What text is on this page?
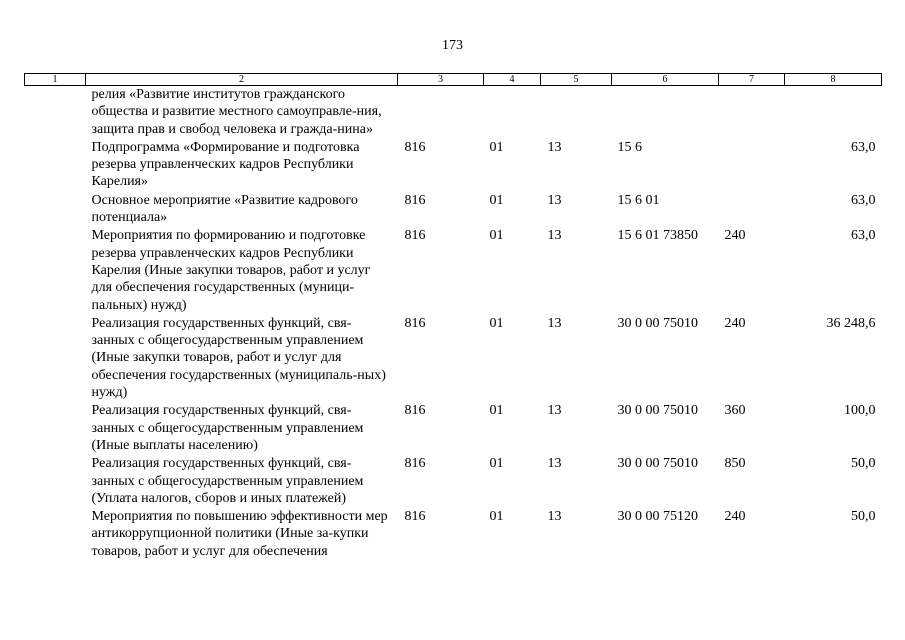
173
1	2	3	4	5	6	7	8
	релия «Развитие институтов гражданского общества и развитие местного самоуправле-ния, защита прав и свобод человека и гражда-нина»						
	Подпрограмма «Формирование и подготовка резерва управленческих кадров Республики Карелия»	816	01	13	15 6		63,0
	Основное мероприятие «Развитие кадрового потенциала»	816	01	13	15 6 01		63,0
	Мероприятия по формированию и подготовке резерва управленческих кадров Республики Карелия (Иные закупки товаров, работ и услуг для обеспечения государственных (муници-пальных) нужд)	816	01	13	15 6 01 73850	240	63,0
	Реализация государственных функций, свя-занных с общегосударственным управлением (Иные закупки товаров, работ и услуг для обеспечения государственных (муниципаль-ных) нужд)	816	01	13	30 0 00 75010	240	36 248,6
	Реализация государственных функций, свя-занных с общегосударственным управлением (Иные выплаты населению)	816	01	13	30 0 00 75010	360	100,0
	Реализация государственных функций, свя-занных с общегосударственным управлением (Уплата налогов, сборов и иных платежей)	816	01	13	30 0 00 75010	850	50,0
	Мероприятия по повышению эффективности мер антикоррупционной политики (Иные за-купки товаров, работ и услуг для обеспечения	816	01	13	30 0 00 75120	240	50,0
